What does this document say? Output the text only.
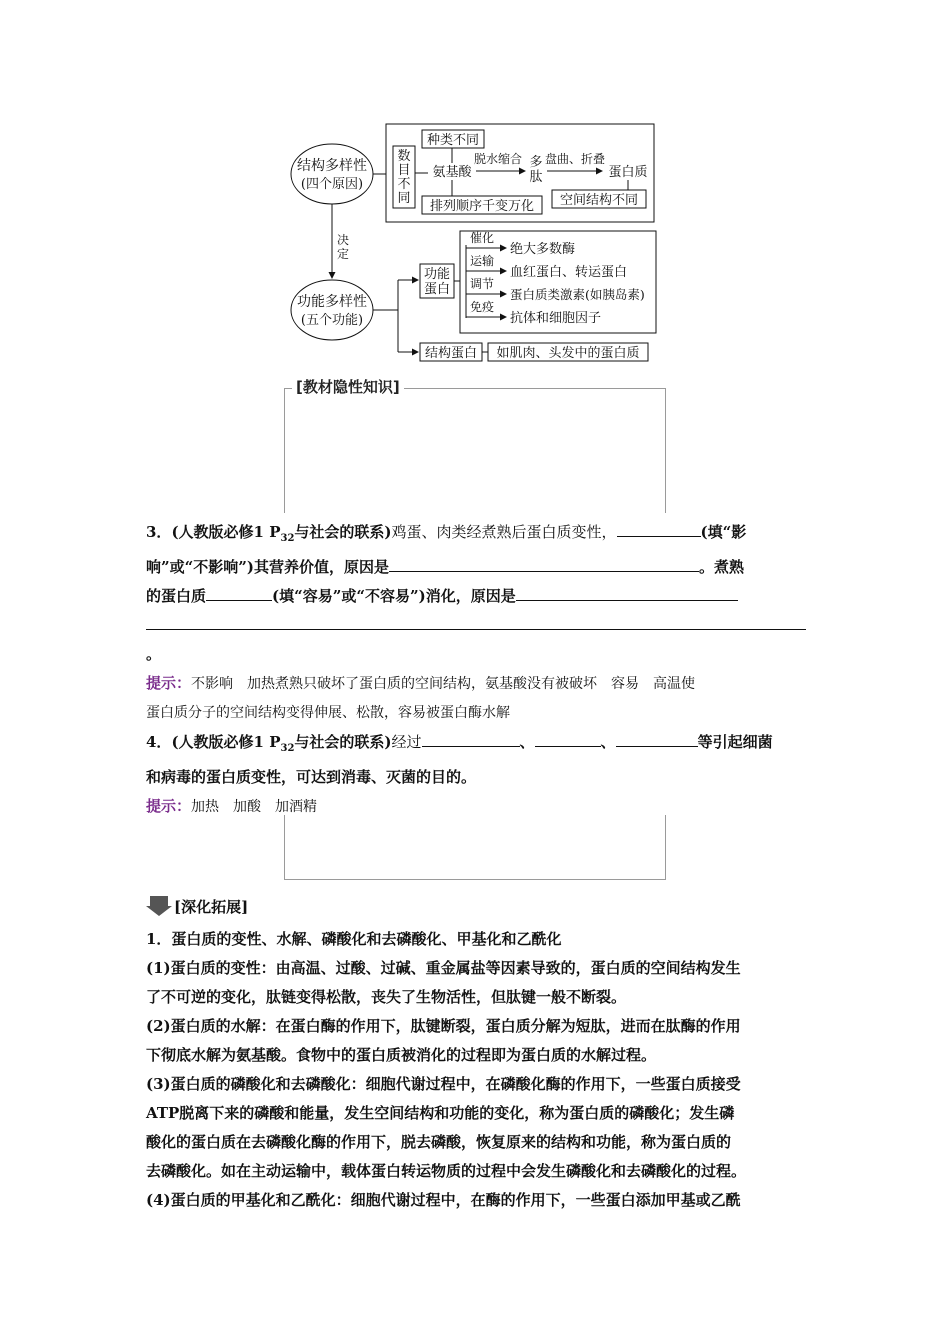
结构多样性
(四个原因)
数
目
不
同
种类不同
氨基酸
脱水缩合 多
肽
盘曲、折叠
蛋白质
排列顺序千变万化 空间结构不同
决
定
功能多样性
(五个功能)
功能
蛋白
催化
绝大多数酶
运输
血红蛋白、转运蛋白
调节
蛋白质类激素(如胰岛素)
免疫
抗体和细胞因子
结构蛋白 如肌肉、头发中的蛋白质
[教材隐性知识]
3．(人教版必修1 $P_{32}$与社会的联系)鸡蛋、肉类经煮熟后蛋白质变性，	(填“影
响”或“不影响”)其营养价值，原因是	。煮熟
的蛋白质	(填“容易”或“不容易”)消化，原因是
。
提示：不影响　加热煮熟只破坏了蛋白质的空间结构，氨基酸没有被破坏　容易　高温使
蛋白质分子的空间结构变得伸展、松散，容易被蛋白酶水解
4．(人教版必修1 $P_{32}$与社会的联系)经过	、	、	等引起细菌
和病毒的蛋白质变性，可达到消毒、灭菌的目的。
提示：加热　加酸　加酒精
[深化拓展]
1．蛋白质的变性、水解、磷酸化和去磷酸化、甲基化和乙酰化
(1)蛋白质的变性：由高温、过酸、过碱、重金属盐等因素导致的，蛋白质的空间结构发生
了不可逆的变化，肽链变得松散，丧失了生物活性，但肽键一般不断裂。
(2)蛋白质的水解：在蛋白酶的作用下，肽键断裂，蛋白质分解为短肽，进而在肽酶的作用
下彻底水解为氨基酸。食物中的蛋白质被消化的过程即为蛋白质的水解过程。
(3)蛋白质的磷酸化和去磷酸化：细胞代谢过程中，在磷酸化酶的作用下，一些蛋白质接受
ATP脱离下来的磷酸和能量，发生空间结构和功能的变化，称为蛋白质的磷酸化；发生磷
酸化的蛋白质在去磷酸化酶的作用下，脱去磷酸，恢复原来的结构和功能，称为蛋白质的
去磷酸化。如在主动运输中，载体蛋白转运物质的过程中会发生磷酸化和去磷酸化的过程。
(4)蛋白质的甲基化和乙酰化：细胞代谢过程中，在酶的作用下，一些蛋白添加甲基或乙酰
